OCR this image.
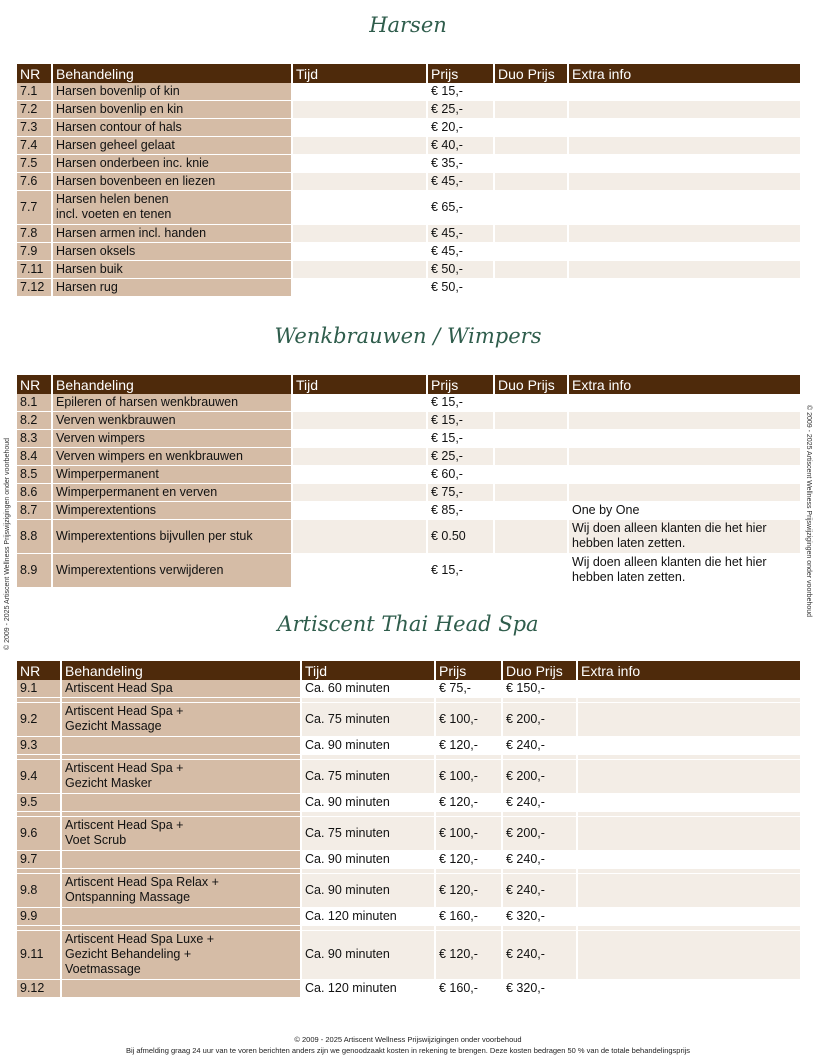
Harsen
NR	Behandeling	Tijd	Prijs	Duo Prijs	Extra info
7.1	Harsen bovenlip of kin		€ 15,-		
7.2	Harsen bovenlip en kin		€ 25,-		
7.3	Harsen contour of hals		€ 20,-		
7.4	Harsen geheel gelaat		€ 40,-		
7.5	Harsen onderbeen inc. knie		€ 35,-		
7.6	Harsen bovenbeen en liezen		€ 45,-		
7.7	Harsen helen benen
incl. voeten en tenen		€ 65,-		
7.8	Harsen armen incl. handen		€ 45,-		
7.9	Harsen oksels		€ 45,-		
7.11	Harsen buik		€ 50,-		
7.12	Harsen rug		€ 50,-		
Wenkbrauwen / Wimpers
NR	Behandeling	Tijd	Prijs	Duo Prijs	Extra info
8.1	Epileren of harsen wenkbrauwen		€ 15,-		
8.2	Verven wenkbrauwen		€ 15,-		
8.3	Verven wimpers		€ 15,-		
8.4	Verven wimpers en wenkbrauwen		€ 25,-		
8.5	Wimperpermanent		€ 60,-		
8.6	Wimperpermanent en verven		€ 75,-		
8.7	Wimperextentions		€ 85,-		One by One
8.8	Wimperextentions bijvullen per stuk		€ 0.50		Wij doen alleen klanten die het hier
hebben laten zetten.
8.9	Wimperextentions verwijderen		€ 15,-		Wij doen alleen klanten die het hier
hebben laten zetten.
Artiscent Thai Head Spa
NR	Behandeling	Tijd	Prijs	Duo Prijs	Extra info
9.1	Artiscent Head Spa	Ca. 60 minuten	€ 75,-	€ 150,-	

9.2	Artiscent Head Spa +
Gezicht Massage	Ca. 75 minuten	€ 100,-	€ 200,-	
9.3		Ca. 90 minuten	€ 120,-	€ 240,-	

9.4	Artiscent Head Spa +
Gezicht Masker	Ca. 75 minuten	€ 100,-	€ 200,-	
9.5		Ca. 90 minuten	€ 120,-	€ 240,-	

9.6	Artiscent Head Spa +
Voet Scrub	Ca. 75 minuten	€ 100,-	€ 200,-	
9.7		Ca. 90 minuten	€ 120,-	€ 240,-	

9.8	Artiscent Head Spa Relax +
Ontspanning Massage	Ca. 90 minuten	€ 120,-	€ 240,-	
9.9		Ca. 120 minuten	€ 160,-	€ 320,-	

9.11	Artiscent Head Spa Luxe +
Gezicht Behandeling +
Voetmassage	Ca. 90 minuten	€ 120,-	€ 240,-	
9.12		Ca. 120 minuten	€ 160,-	€ 320,-	
© 2009 - 2025 Artiscent Wellness Prijswijzigingen onder voorbehoud	© 2009 - 2025 Artiscent Wellness Prijswijzigingen onder voorbehoud
© 2009 - 2025 Artiscent Wellness Prijswijzigingen onder voorbehoud
Bij afmelding graag 24 uur van te voren berichten anders zijn we genoodzaakt kosten in rekening te brengen. Deze kosten bedragen 50 % van de totale behandelingsprijs
